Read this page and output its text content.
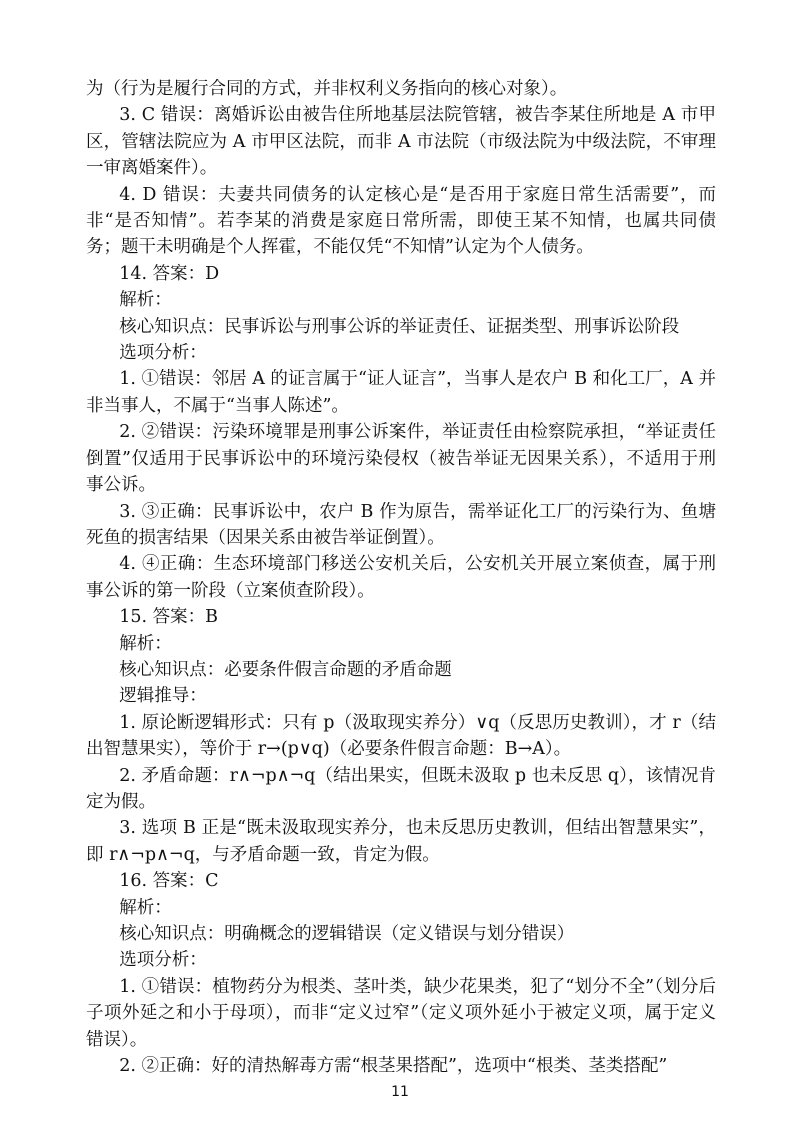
为（行为是履行合同的方式，并非权利义务指向的核心对象）。

3. C 错误：离婚诉讼由被告住所地基层法院管辖，被告李某住所地是 A 市甲区，管辖法院应为 A 市甲区法院，而非 A 市法院（市级法院为中级法院，不审理一审离婚案件）。

4. D 错误：夫妻共同债务的认定核心是“是否用于家庭日常生活需要”，而非“是否知情”。若李某的消费是家庭日常所需，即使王某不知情，也属共同债务；题干未明确是个人挥霍，不能仅凭“不知情”认定为个人债务。

14. 答案：D

解析：

核心知识点：民事诉讼与刑事公诉的举证责任、证据类型、刑事诉讼阶段

选项分析：

1. ①错误：邻居 A 的证言属于“证人证言”，当事人是农户 B 和化工厂，A 并非当事人，不属于“当事人陈述”。

2. ②错误：污染环境罪是刑事公诉案件，举证责任由检察院承担，“举证责任倒置”仅适用于民事诉讼中的环境污染侵权（被告举证无因果关系），不适用于刑事公诉。

3. ③正确：民事诉讼中，农户 B 作为原告，需举证化工厂的污染行为、鱼塘死鱼的损害结果（因果关系由被告举证倒置）。

4. ④正确：生态环境部门移送公安机关后，公安机关开展立案侦查，属于刑事公诉的第一阶段（立案侦查阶段）。

15. 答案：B

解析：

核心知识点：必要条件假言命题的矛盾命题

逻辑推导：

1. 原论断逻辑形式：只有 p（汲取现实养分）∨q（反思历史教训），才 r（结出智慧果实），等价于 r→(p∨q)（必要条件假言命题：B→A）。

2. 矛盾命题：r∧¬p∧¬q（结出果实，但既未汲取 p 也未反思 q），该情况肯定为假。

3. 选项 B 正是“既未汲取现实养分，也未反思历史教训，但结出智慧果实”，即 r∧¬p∧¬q，与矛盾命题一致，肯定为假。

16. 答案：C

解析：

核心知识点：明确概念的逻辑错误（定义错误与划分错误）

选项分析：

1. ①错误：植物药分为根类、茎叶类，缺少花果类，犯了“划分不全”（划分后子项外延之和小于母项），而非“定义过窄”（定义项外延小于被定义项，属于定义错误）。

2. ②正确：好的清热解毒方需“根茎果搭配”，选项中“根类、茎类搭配”

11
